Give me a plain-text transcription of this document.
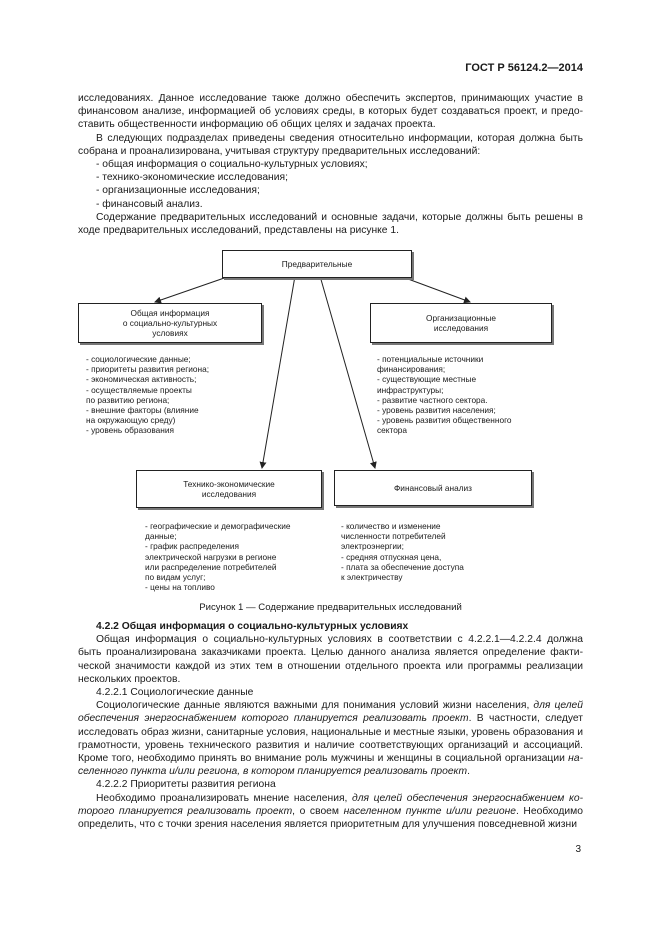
ГОСТ Р 56124.2—2014

исследованиях. Данное исследование также должно обеспечить экспертов, принимающих участие в финансовом анализе, информацией об условиях среды, в которых будет создаваться проект, и предо-ставить общественности информацию об общих целях и задачах проекта.

В следующих подразделах приведены сведения относительно информации, которая должна быть собрана и проанализирована, учитывая структуру предварительных исследований:

- общая информация о социально-культурных условиях;
- технико-экономические исследования;
- организационные исследования;
- финансовый анализ.

Содержание предварительных исследований и основные задачи, которые должны быть решены в ходе предварительных исследований, представлены на рисунке 1.

Предварительные
Общая информация
о социально-культурных
условиях
Организационные
исследования
- социологические данные;
- приоритеты развития региона;
- экономическая активность;
- осуществляемые проекты
по развитию региона;
- внешние факторы (влияние
на окружающую среду)
- уровень образования
- потенциальные источники
финансирования;
- существующие местные
инфраструктуры;
- развитие частного сектора.
- уровень развития населения;
- уровень развития общественного
сектора
Технико-экономические
исследования
Финансовый анализ
- географические и демографические
данные;
- график распределения
электрической нагрузки в регионе
или распределение потребителей
по видам услуг;
- цены на топливо
- количество и изменение
численности потребителей
электроэнергии;
- средняя отпускная цена,
- плата за обеспечение доступа
к электричеству
Рисунок 1 — Содержание предварительных исследований

4.2.2 Общая информация о социально-культурных условиях

Общая информация о социально-культурных условиях в соответствии с 4.2.2.1—4.2.2.4 должна быть проанализирована заказчиками проекта. Целью данного анализа является определение факти-ческой значимости каждой из этих тем в отношении отдельного проекта или программы реализации нескольких проектов.

4.2.2.1 Социологические данные

Социологические данные являются важными для понимания условий жизни населения, для целей обеспечения энергоснабжением которого планируется реализовать проект. В частности, следует исследовать образ жизни, санитарные условия, национальные и местные языки, уровень образования и грамотности, уровень технического развития и наличие соответствующих организаций и ассоциаций. Кроме того, необходимо принять во внимание роль мужчины и женщины в социальной организации на-селенного пункта и/или региона, в котором планируется реализовать проект.

4.2.2.2 Приоритеты развития региона

Необходимо проанализировать мнение населения, для целей обеспечения энергоснабжением ко-торого планируется реализовать проект, о своем населенном пункте и/или регионе. Необходимо определить, что с точки зрения населения является приоритетным для улучшения повседневной жизни

3
